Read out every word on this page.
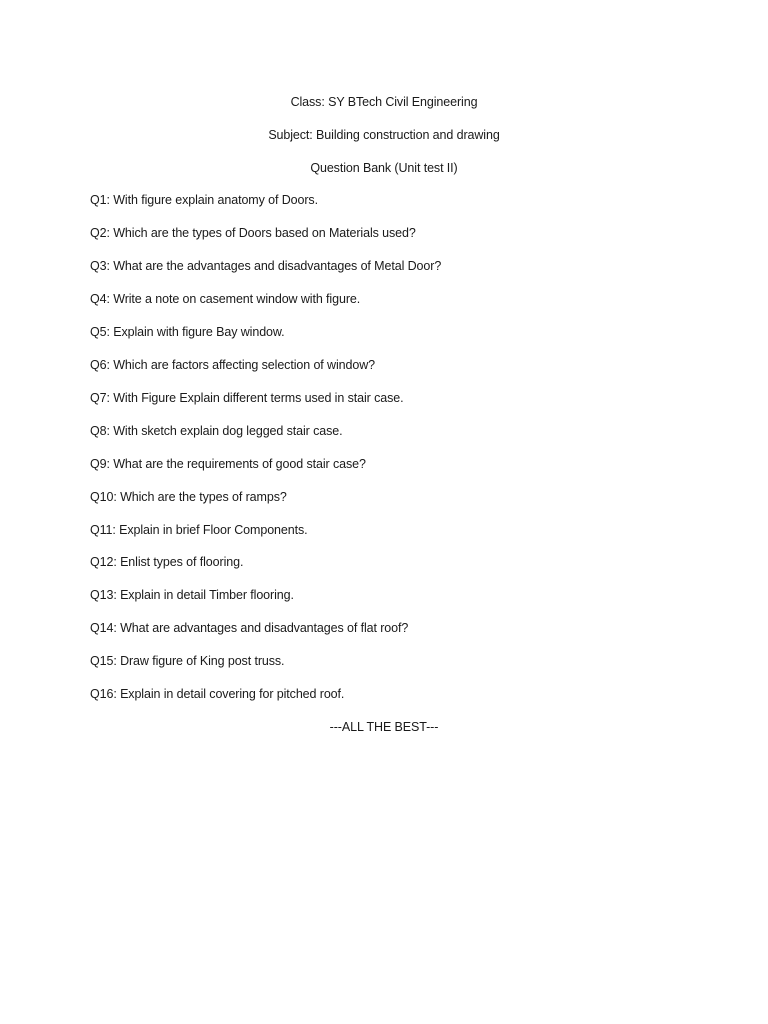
Class: SY BTech Civil Engineering
Subject: Building construction and drawing
Question Bank (Unit test II)
Q1: With figure explain anatomy of Doors.
Q2: Which are the types of Doors based on Materials used?
Q3: What are the advantages and disadvantages of Metal Door?
Q4: Write a note on casement window with figure.
Q5: Explain with figure Bay window.
Q6: Which are factors affecting selection of window?
Q7: With Figure Explain different terms used in stair case.
Q8: With sketch explain dog legged stair case.
Q9: What are the requirements of good stair case?
Q10: Which are the types of ramps?
Q11: Explain in brief Floor Components.
Q12: Enlist types of flooring.
Q13: Explain in detail Timber flooring.
Q14: What are advantages and disadvantages of flat roof?
Q15: Draw figure of King post truss.
Q16: Explain in detail covering for pitched roof.
---ALL THE BEST---
